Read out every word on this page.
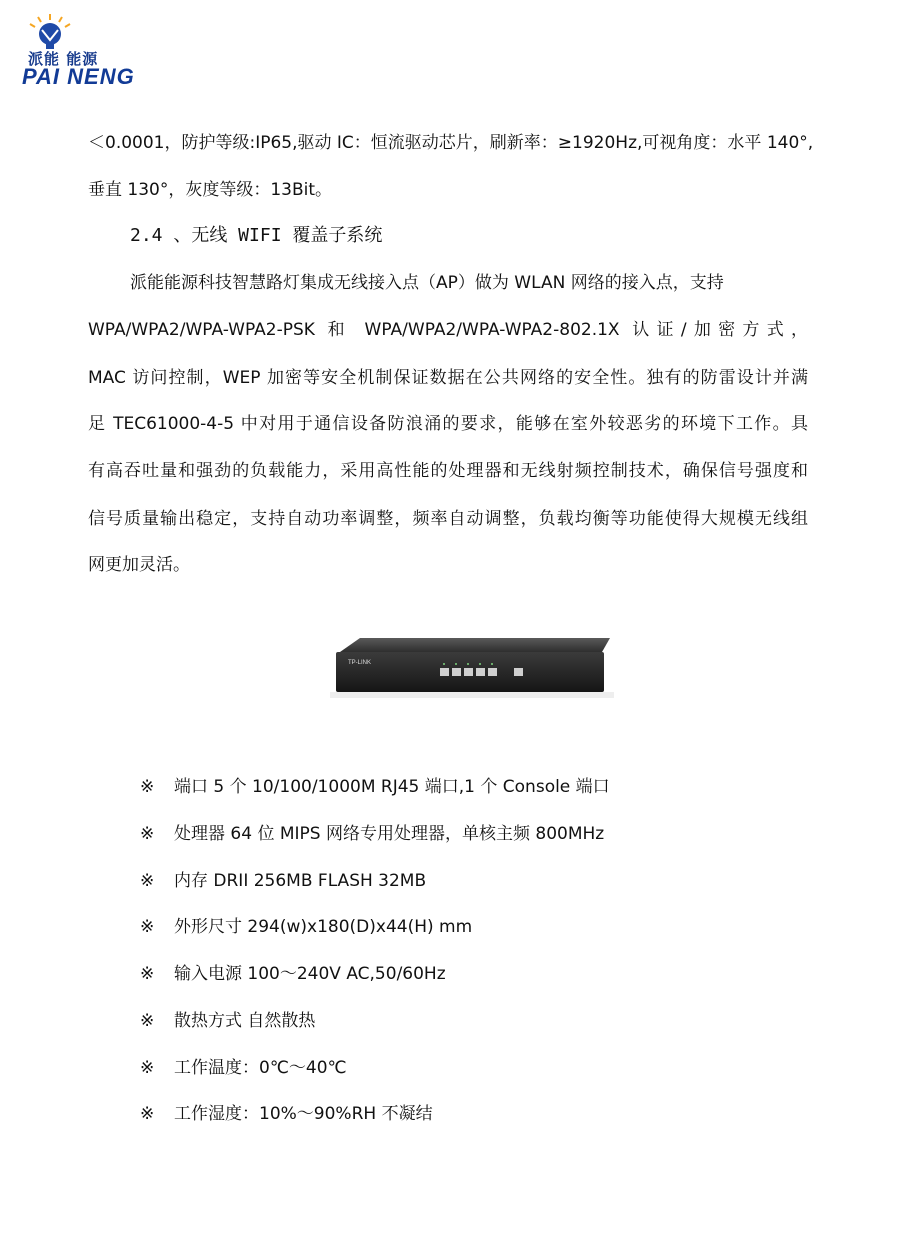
派能 能源
PAI NENG
＜0.0001，防护等级:IP65,驱动 IC：恒流驱动芯片，刷新率：≥1920Hz,可视角度：水平 140°,
垂直 130°，灰度等级：13Bit。
2.4 、无线 WIFI 覆盖子系统
派能能源科技智慧路灯集成无线接入点（AP）做为 WLAN 网络的接入点，支持
WPA/WPA2/WPA-WPA2-PSK 和 WPA/WPA2/WPA-WPA2-802.1X 认证/加密方式，
MAC 访问控制，WEP 加密等安全机制保证数据在公共网络的安全性。独有的防雷设计并满
足 TEC61000-4-5 中对用于通信设备防浪涌的要求，能够在室外较恶劣的环境下工作。具
有高吞吐量和强劲的负载能力，采用高性能的处理器和无线射频控制技术，确保信号强度和
信号质量输出稳定，支持自动功率调整，频率自动调整，负载均衡等功能使得大规模无线组
网更加灵活。
TP-LINK
※ 端口 5 个 10/100/1000M RJ45 端口,1 个 Console 端口
※ 处理器 64 位 MIPS 网络专用处理器，单核主频 800MHz
※ 内存 DRII 256MB FLASH 32MB
※ 外形尺寸 294(w)x180(D)x44(H) mm
※ 输入电源 100～240V AC,50/60Hz
※ 散热方式 自然散热
※ 工作温度：0℃～40℃
※ 工作湿度：10%～90%RH 不凝结
